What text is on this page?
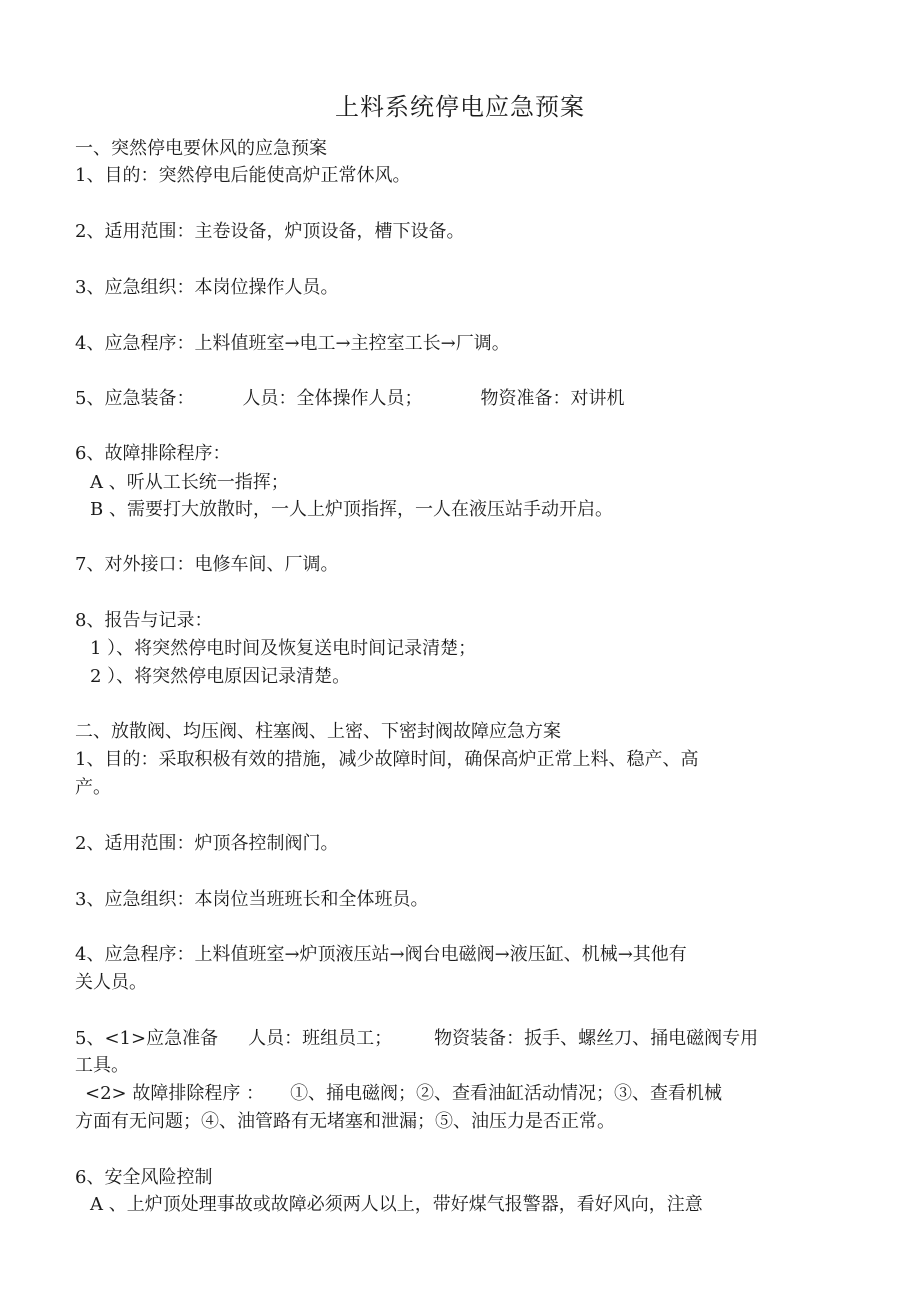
上料系统停电应急预案
一、突然停电要休风的应急预案
1、目的：突然停电后能使高炉正常休风。
2、适用范围：主卷设备，炉顶设备，槽下设备。
3、应急组织：本岗位操作人员。
4、应急程序：上料值班室→电工→主控室工长→厂调。
5、应急装备：	人员：全体操作人员；	物资准备：对讲机
6、故障排除程序：
A 、听从工长统一指挥；
B 、需要打大放散时，一人上炉顶指挥，一人在液压站手动开启。
7、对外接口：电修车间、厂调。
8、报告与记录：
1 ）、将突然停电时间及恢复送电时间记录清楚；
2 ）、将突然停电原因记录清楚。
二、放散阀、均压阀、柱塞阀、上密、下密封阀故障应急方案
1、目的：采取积极有效的措施，减少故障时间，确保高炉正常上料、稳产、高
产。
2、适用范围：炉顶各控制阀门。
3、应急组织：本岗位当班班长和全体班员。
4、应急程序：上料值班室→炉顶液压站→阀台电磁阀→液压缸、机械→其他有
关人员。
5、<1>应急准备 人员：班组员工； 物资装备：扳手、螺丝刀、捅电磁阀专用
工具。
<2> 故障排除程序 ： ①、捅电磁阀；②、查看油缸活动情况；③、查看机械
方面有无问题；④、油管路有无堵塞和泄漏；⑤、油压力是否正常。
6、安全风险控制
A 、上炉顶处理事故或故障必须两人以上，带好煤气报警器，看好风向，注意
